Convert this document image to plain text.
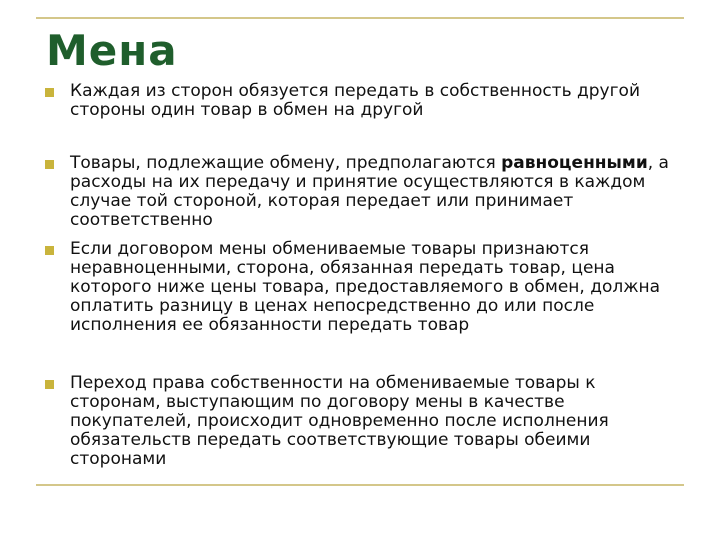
Мена

Каждая из сторон обязуется передать в собственность другой стороны один товар в обмен на другой

Товары, подлежащие обмену, предполагаются равноценными, а расходы на их передачу и принятие осуществляются в каждом случае той стороной, которая передает или принимает соответственно

Если договором мены обмениваемые товары признаются неравноценными, сторона, обязанная передать товар, цена которого ниже цены товара, предоставляемого в обмен, должна оплатить разницу в ценах непосредственно до или после исполнения ее обязанности передать товар

Переход права собственности на обмениваемые товары к сторонам, выступающим по договору мены в качестве покупателей, происходит одновременно после исполнения обязательств передать соответствующие товары обеими сторонами
